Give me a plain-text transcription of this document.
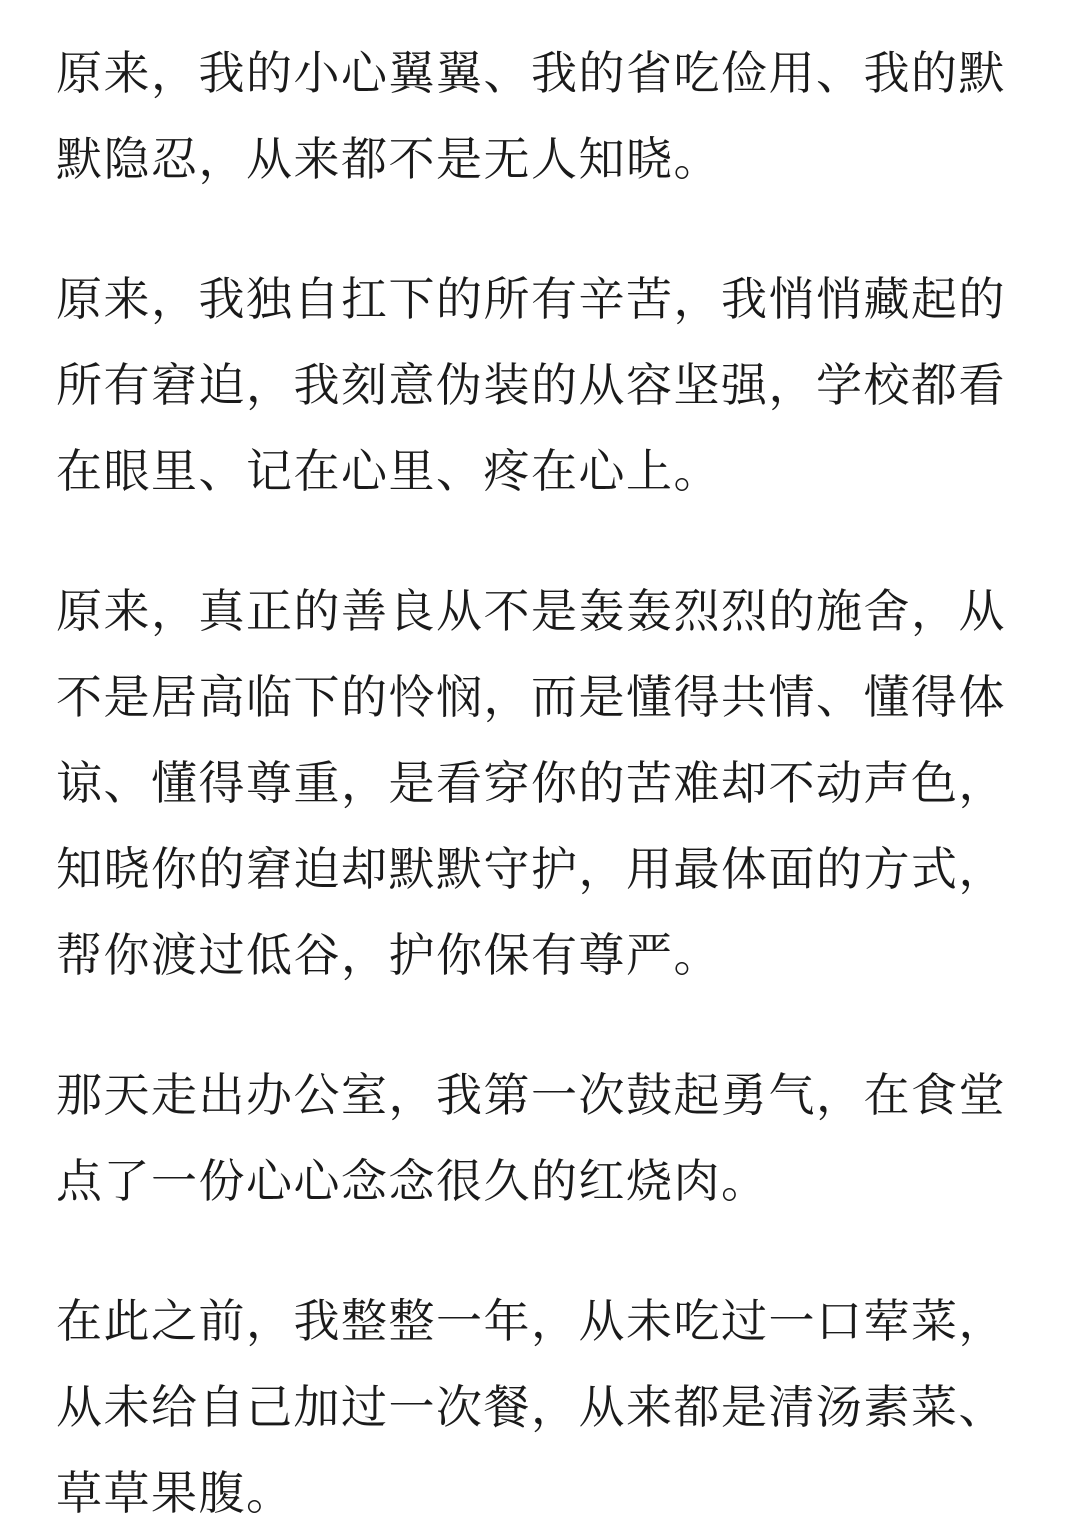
原来，我的小心翼翼、我的省吃俭用、我的默
默隐忍，从来都不是无人知晓。

原来，我独自扛下的所有辛苦，我悄悄藏起的
所有窘迫，我刻意伪装的从容坚强，学校都看
在眼里、记在心里、疼在心上。

原来，真正的善良从不是轰轰烈烈的施舍，从
不是居高临下的怜悯，而是懂得共情、懂得体
谅、懂得尊重，是看穿你的苦难却不动声色，
知晓你的窘迫却默默守护，用最体面的方式，
帮你渡过低谷，护你保有尊严。

那天走出办公室，我第一次鼓起勇气，在食堂
点了一份心心念念很久的红烧肉。

在此之前，我整整一年，从未吃过一口荤菜，
从未给自己加过一次餐，从来都是清汤素菜、
草草果腹。
